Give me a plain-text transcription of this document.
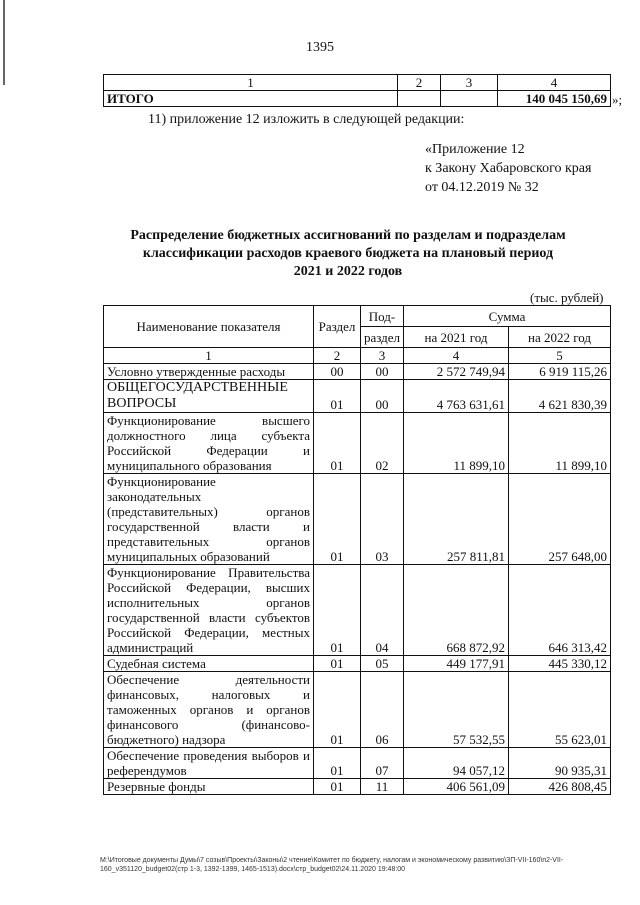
1395
1	2	3	4
ИТОГО			140 045 150,69 »;
11) приложение 12 изложить в следующей редакции:
«Приложение 12
к Закону Хабаровского края
от 04.12.2019 № 32
Распределение бюджетных ассигнований по разделам и подразделам
классификации расходов краевого бюджета на плановый период
2021 и 2022 годов
(тыс. рублей)
Наименование показателя	Раздел	Под-	Сумма	
		раздел	на 2021 год	на 2022 год
1	2	3	4	5
Условно утвержденные расходы	00	00	2 572 749,94	6 919 115,26
ОБЩЕГОСУДАРСТВЕННЫЕ ВОПРОСЫ	01	00	4 763 631,61	4 621 830,39
Функционирование высшего должностного лица субъекта Российской Федерации и муниципального образования	01	02	11 899,10	11 899,10
Функционирование законодательных (представительных) органов государственной власти и представительных органов муниципальных образований	01	03	257 811,81	257 648,00
Функционирование Правительства Российской Федерации, высших исполнительных органов государственной власти субъектов Российской Федерации, местных администраций	01	04	668 872,92	646 313,42
Судебная система	01	05	449 177,91	445 330,12
Обеспечение деятельности финансовых, налоговых и таможенных органов и органов финансового (финансово-бюджетного) надзора	01	06	57 532,55	55 623,01
Обеспечение проведения выборов и референдумов	01	07	94 057,12	90 935,31
Резервные фонды	01	11	406 561,09	426 808,45
M:\Итоговые документы Думы\7 созыв\Проекты\Законы\2 чтение\Комитет по бюджету, налогам и экономическому развитию\ЗП-VII-160\п2-VII-160_v351120_budget02(стр 1-3, 1392-1399, 1465-1513).docx\стр_budget02\24.11.2020 19:48:00
